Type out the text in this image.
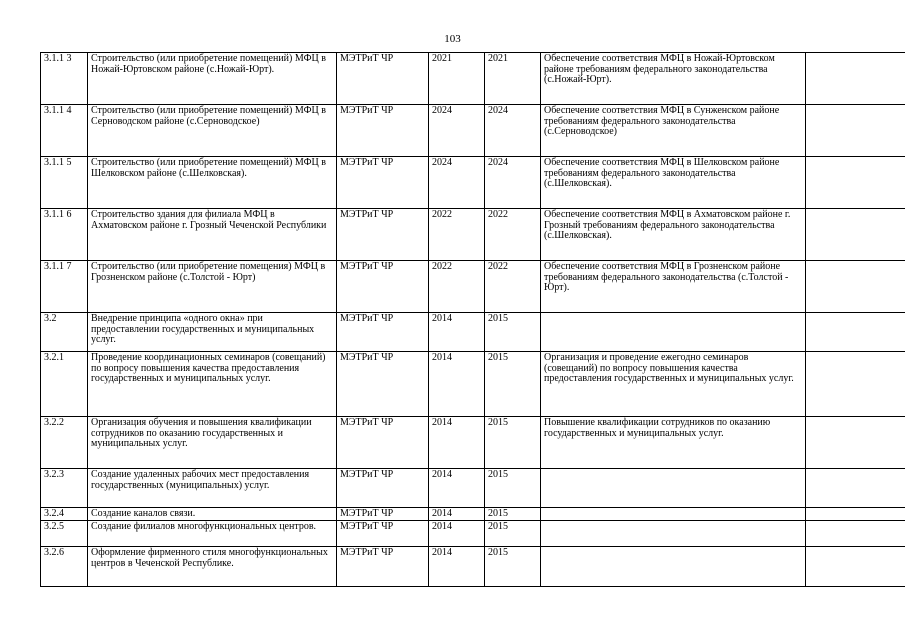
103
3.1.1 3	Строительство (или приобретение помещений) МФЦ в Ножай-Юртовском районе (с.Ножай-Юрт).	МЭТРиТ ЧР	2021	2021	Обеспечение соответствия МФЦ в Ножай-Юртовском районе требованиям федерального законодательства (с.Ножай-Юрт).	
3.1.1 4	Строительство (или приобретение помещений) МФЦ в Серноводском районе (с.Серноводское)	МЭТРиТ ЧР	2024	2024	Обеспечение соответствия МФЦ в Сунженском районе требованиям федерального законодательства (с.Серноводское)	
3.1.1 5	Строительство (или приобретение помещений) МФЦ в Шелковском районе (с.Шелковская).	МЭТРиТ ЧР	2024	2024	Обеспечение соответствия МФЦ в Шелковском районе требованиям федерального законодательства (с.Шелковская).	
3.1.1 6	Строительство здания для филиала МФЦ в Ахматовском районе г. Грозный Чеченской Республики	МЭТРиТ ЧР	2022	2022	Обеспечение соответствия МФЦ в Ахматовском районе г. Грозный требованиям федерального законодательства (с.Шелковская).	
3.1.1 7	Строительство (или приобретение помещения) МФЦ в Грозненском районе (с.Толстой - Юрт)	МЭТРиТ ЧР	2022	2022	Обеспечение соответствия МФЦ в Грозненском районе требованиям федерального законодательства (с.Толстой - Юрт).	
3.2	Внедрение принципа «одного окна» при предоставлении государственных и муниципальных услуг.	МЭТРиТ ЧР	2014	2015		
3.2.1	Проведение координационных семинаров (совещаний) по вопросу повышения качества предоставления государственных и муниципальных услуг.	МЭТРиТ ЧР	2014	2015	Организация и проведение ежегодно семинаров (совещаний) по вопросу повышения качества предоставления государственных и муниципальных услуг.	
3.2.2	Организация обучения и повышения квалификации сотрудников по оказанию государственных и муниципальных услуг.	МЭТРиТ ЧР	2014	2015	Повышение квалификации сотрудников по оказанию государственных и муниципальных услуг.	
3.2.3	Создание удаленных рабочих мест предоставления государственных (муниципальных) услуг.	МЭТРиТ ЧР	2014	2015		
3.2.4	Создание каналов связи.	МЭТРиТ ЧР	2014	2015		
3.2.5	Создание филиалов многофункциональных центров.	МЭТРиТ ЧР	2014	2015		
3.2.6	Оформление фирменного стиля многофункциональных центров в Чеченской Республике.	МЭТРиТ ЧР	2014	2015		
